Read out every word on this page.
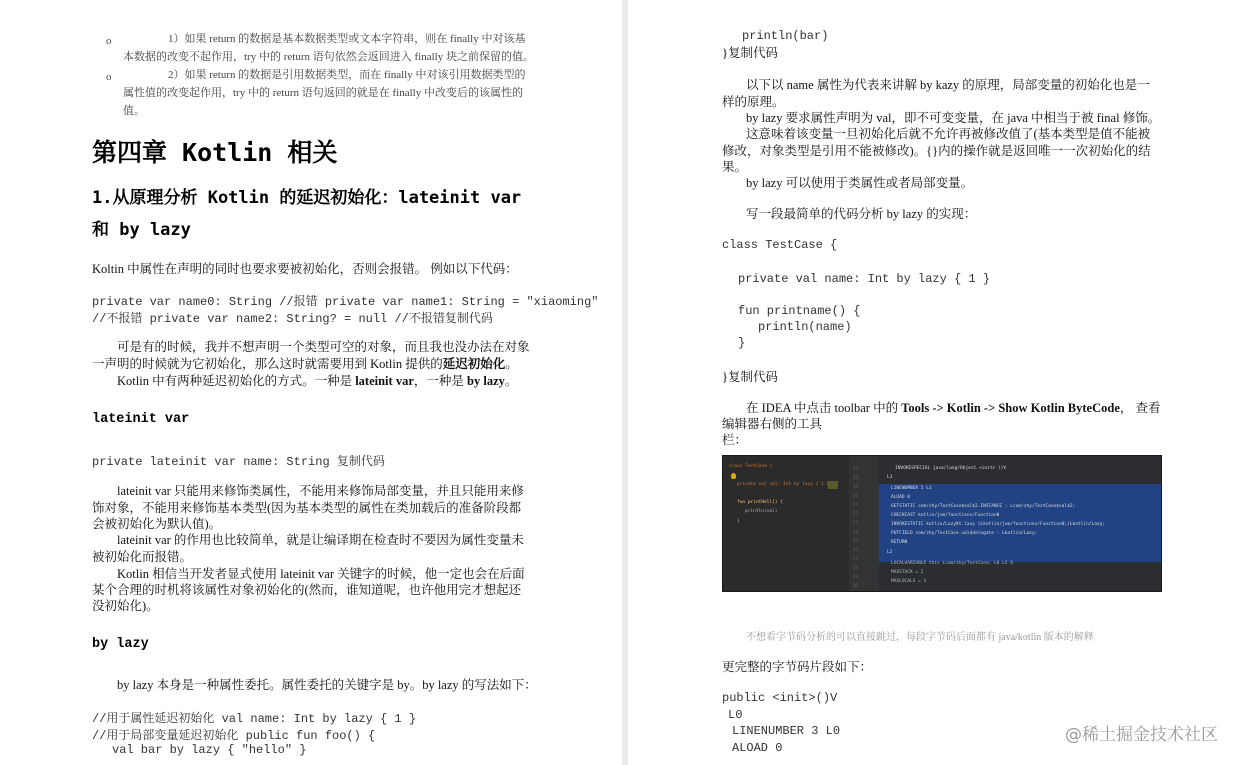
o	1）如果 return 的数据是基本数据类型或文本字符串，则在 finally 中对该基
本数据的改变不起作用，try 中的 return 语句依然会返回进入 finally 块之前保留的值。
o	2）如果 return 的数据是引用数据类型，而在 finally 中对该引用数据类型的
属性值的改变起作用，try 中的 return 语句返回的就是在 finally 中改变后的该属性的
值。
第四章 Kotlin 相关
1.从原理分析 Kotlin 的延迟初始化：lateinit var
和 by lazy
Koltin 中属性在声明的同时也要求要被初始化，否则会报错。 例如以下代码：
private var name0: String //报错 private var name1: String = "xiaoming"
//不报错 private var name2: String? = null //不报错复制代码
可是有的时候，我并不想声明一个类型可空的对象，而且我也没办法在对象
一声明的时候就为它初始化，那么这时就需要用到 Kotlin 提供的延迟初始化。
Kotlin 中有两种延迟初始化的方式。一种是 lateinit var，一种是 by lazy。
lateinit var
private lateinit var name: String 复制代码
lateinit var 只能用来修饰类属性，不能用来修饰局部变量，并且只能用来修
饰对象，不能用来修饰基本类型(因为基本类型的属性在类加载后的准备阶段都
会被初始化为默认值)。
lateinit var 的作用也比较简单，就是让编译期在检查时不要因为属性变量未
被初始化而报错。
Kotlin 相信当开发者显式使用 lateinit var 关键字的时候，他一定也会在后面
某个合理的时机将该属性对象初始化的(然而，谁知道呢，也许他用完才想起还
没初始化)。
by lazy
by lazy 本身是一种属性委托。属性委托的关键字是 by。by lazy 的写法如下：
//用于属性延迟初始化 val name: Int by lazy { 1 }
//用于局部变量延迟初始化 public fun foo() {
val bar by lazy { "hello" }
println(bar)
}复制代码
以下以 name 属性为代表来讲解 by kazy 的原理，局部变量的初始化也是一
样的原理。
by lazy 要求属性声明为 val，即不可变变量，在 java 中相当于被 final 修饰。
这意味着该变量一旦初始化后就不允许再被修改值了(基本类型是值不能被
修改，对象类型是引用不能被修改)。{}内的操作就是返回唯一一次初始化的结
果。
by lazy 可以使用于类属性或者局部变量。
写一段最简单的代码分析 by lazy 的实现：
class TestCase {
private val name: Int by lazy { 1 }
fun printname() {
println(name)
}
}复制代码
在 IDEA 中点击 toolbar 中的 Tools -> Kotlin -> Show Kotlin ByteCode， 查看
编辑器右侧的工具
栏：
class TestCase {
private val val: Int by lazy { 1 }
fun printHell() {
println(val)
}
17
18
19
20
21
22
23
24
25
26
27
28
29
30
INVOKESPECIAL java/lang/Object.<init> ()V
L1
LINENUMBER 5 L1
ALOAD 0
GETSTATIC com/zhy/TestCase$val$2.INSTANCE : Lcom/zhy/TestCase$val$2;
CHECKCAST kotlin/jvm/functions/Function0
INVOKESTATIC kotlin/LazyKt.lazy (Lkotlin/jvm/functions/Function0;)Lkotlin/Lazy;
PUTFIELD com/zhy/TestCase.val$delegate : Lkotlin/Lazy;
RETURN
L2
LOCALVARIABLE this Lcom/zhy/TestCase; L0 L2 0
MAXSTACK = 2
MAXLOCALS = 1
不想看字节码分析的可以直接跳过，每段字节码后面都有 java/kotlin 版本的解释
更完整的字节码片段如下：
public <init>()V
L0
LINENUMBER 3 L0
ALOAD 0
@稀土掘金技术社区
